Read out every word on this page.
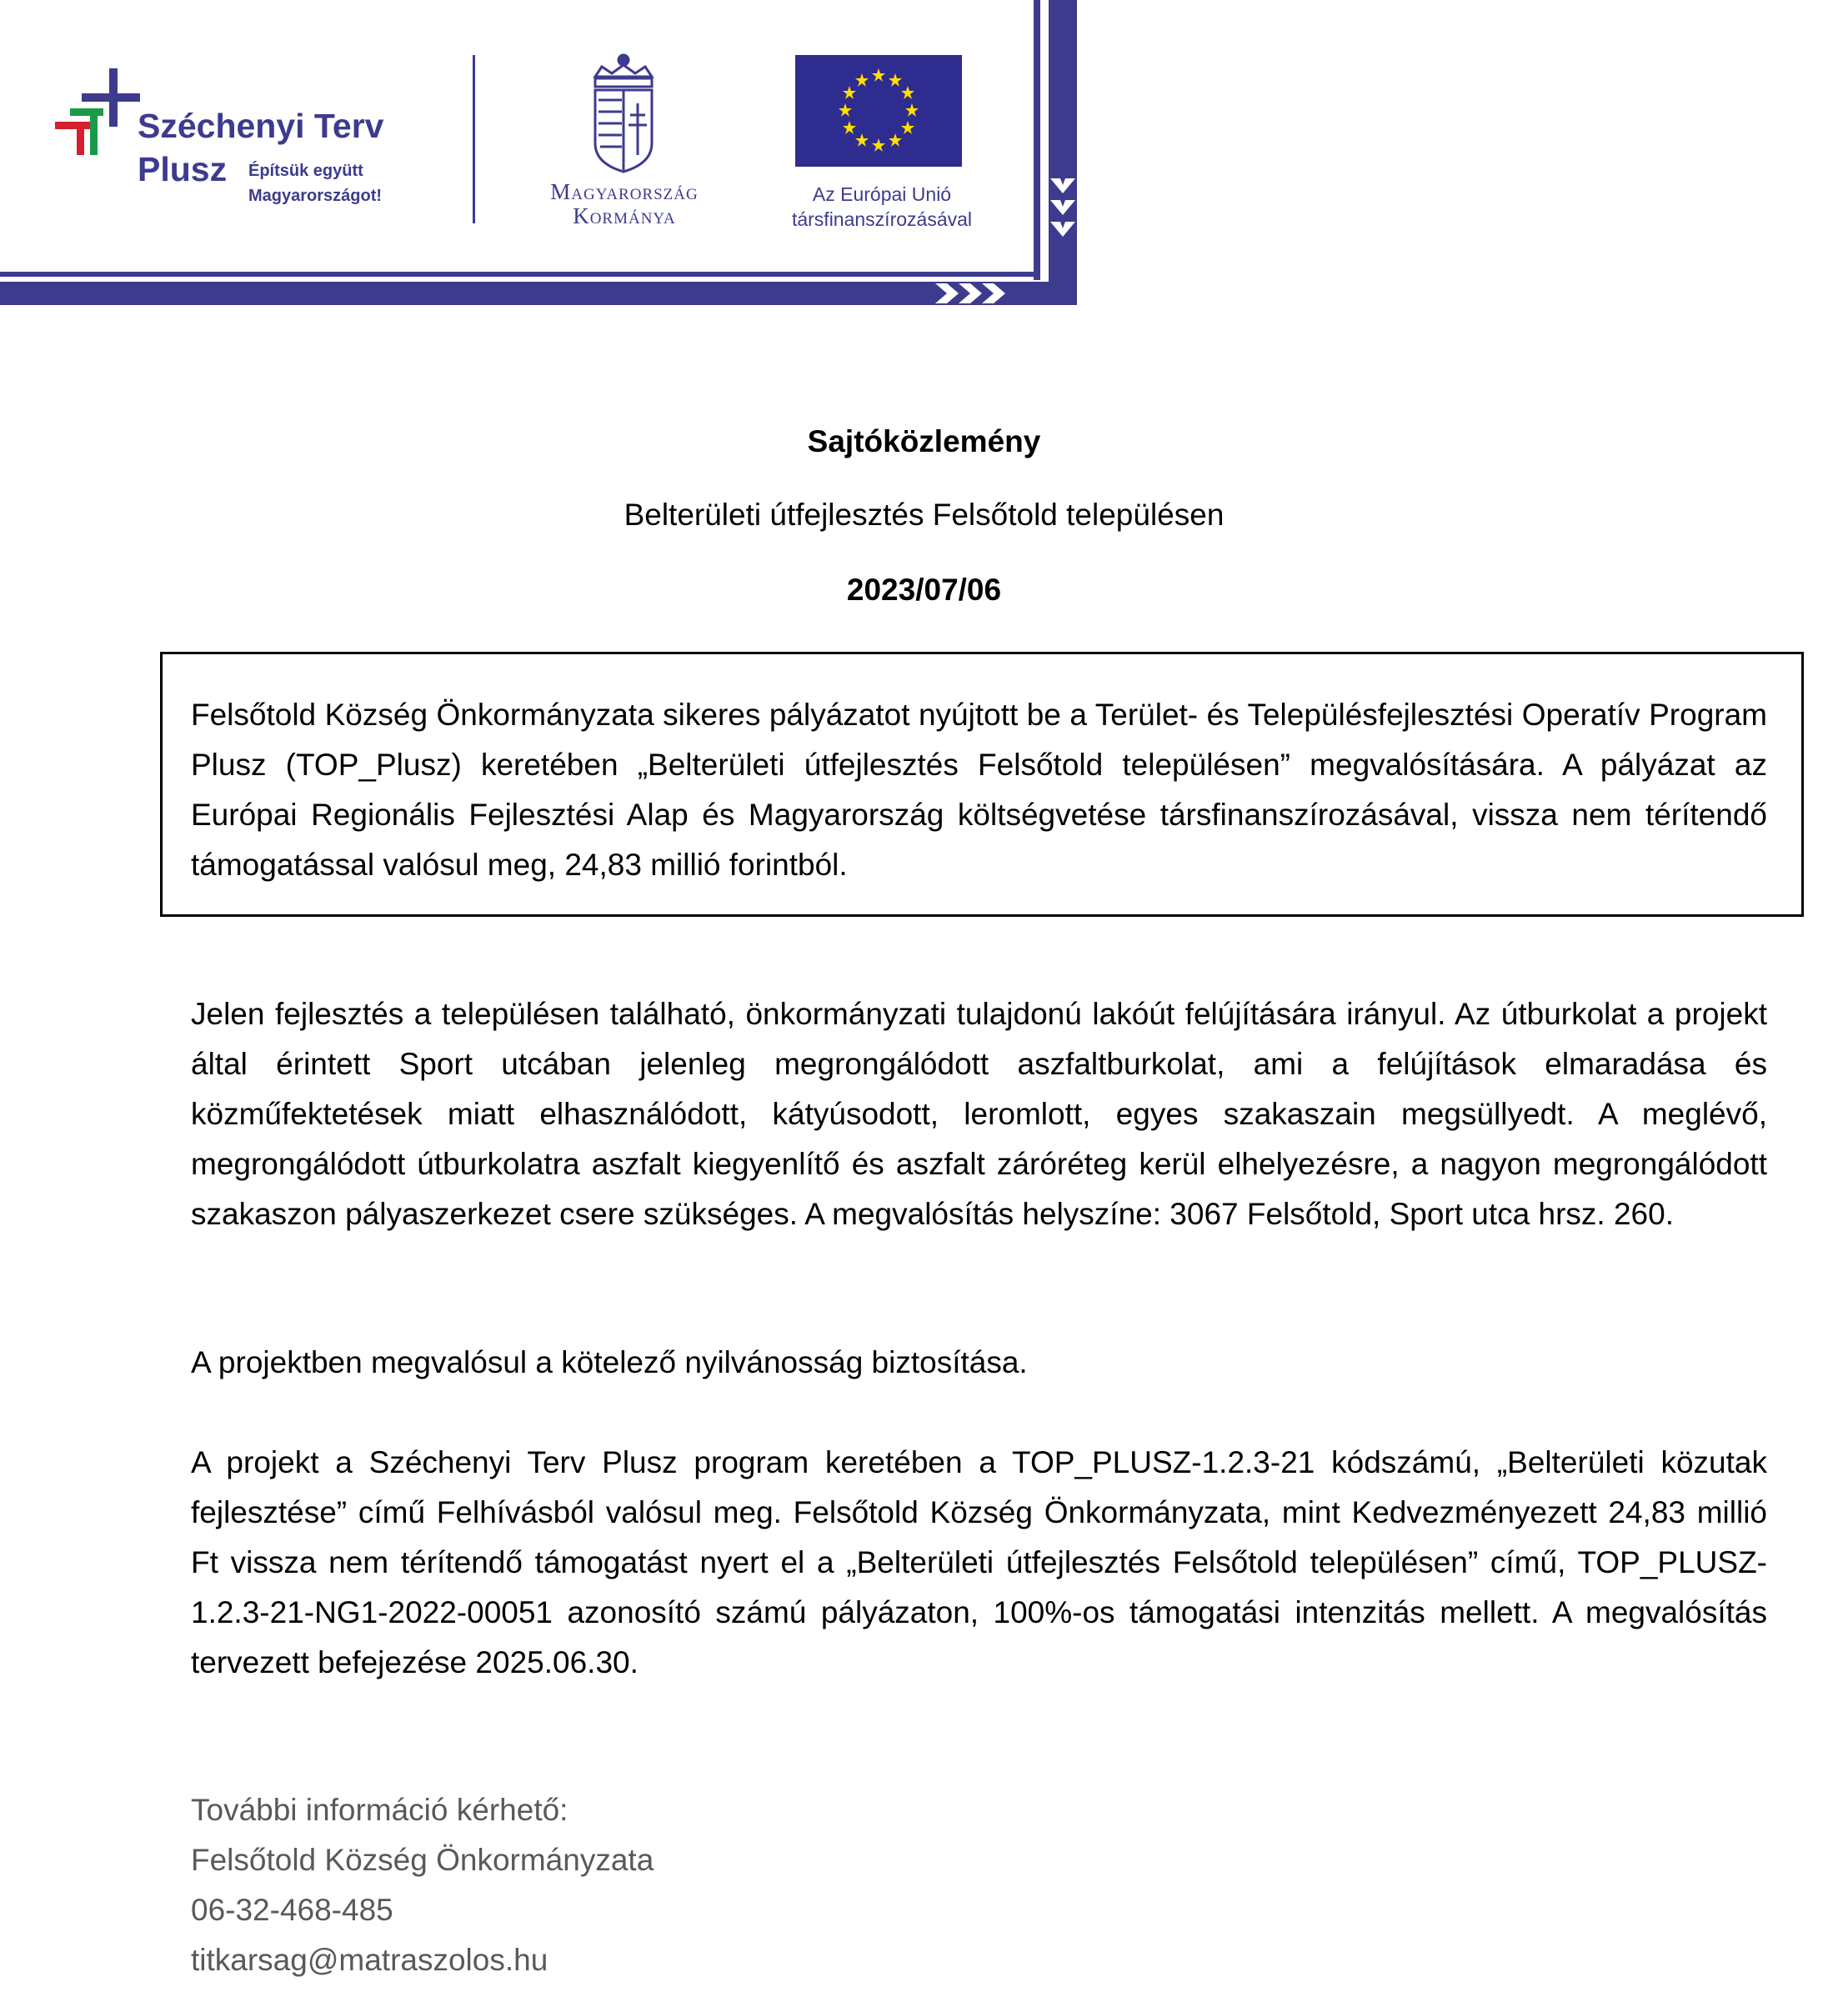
Széchenyi Terv
Plusz Építsük együtt
Magyarországot!	Magyarország
Kormánya
Az Európai Unió
társfinanszírozásával
Sajtóközlemény
Belterületi útfejlesztés Felsőtold településen
2023/07/06
Felsőtold Község Önkormányzata sikeres pályázatot nyújtott be a Terület- és Településfejlesztési Operatív Program Plusz (TOP_Plusz) keretében „Belterületi útfejlesztés Felsőtold településen” megvalósítására. A pályázat az Európai Regionális Fejlesztési Alap és Magyarország költségvetése társfinanszírozásával, vissza nem térítendő támogatással valósul meg, 24,83 millió forintból.
Jelen fejlesztés a településen található, önkormányzati tulajdonú lakóút felújítására irányul. Az útburkolat a projekt által érintett Sport utcában jelenleg megrongálódott aszfaltburkolat, ami a felújítások elmaradása és közműfektetések miatt elhasználódott, kátyúsodott, leromlott, egyes szakaszain megsüllyedt. A meglévő, megrongálódott útburkolatra aszfalt kiegyenlítő és aszfalt záróréteg kerül elhelyezésre, a nagyon megrongálódott szakaszon pályaszerkezet csere szükséges. A megvalósítás helyszíne: 3067 Felsőtold, Sport utca hrsz. 260.
A projektben megvalósul a kötelező nyilvánosság biztosítása.
A projekt a Széchenyi Terv Plusz program keretében a TOP_PLUSZ-1.2.3-21 kódszámú, „Belterületi közutak fejlesztése” című Felhívásból valósul meg. Felsőtold Község Önkormányzata, mint Kedvezményezett 24,83 millió Ft vissza nem térítendő támogatást nyert el a „Belterületi útfejlesztés Felsőtold településen” című, TOP_PLUSZ-1.2.3-21-NG1-2022-00051 azonosító számú pályázaton, 100%-os támogatási intenzitás mellett. A megvalósítás tervezett befejezése 2025.06.30.
További információ kérhető:
Felsőtold Község Önkormányzata
06-32-468-485
titkarsag@matraszolos.hu
